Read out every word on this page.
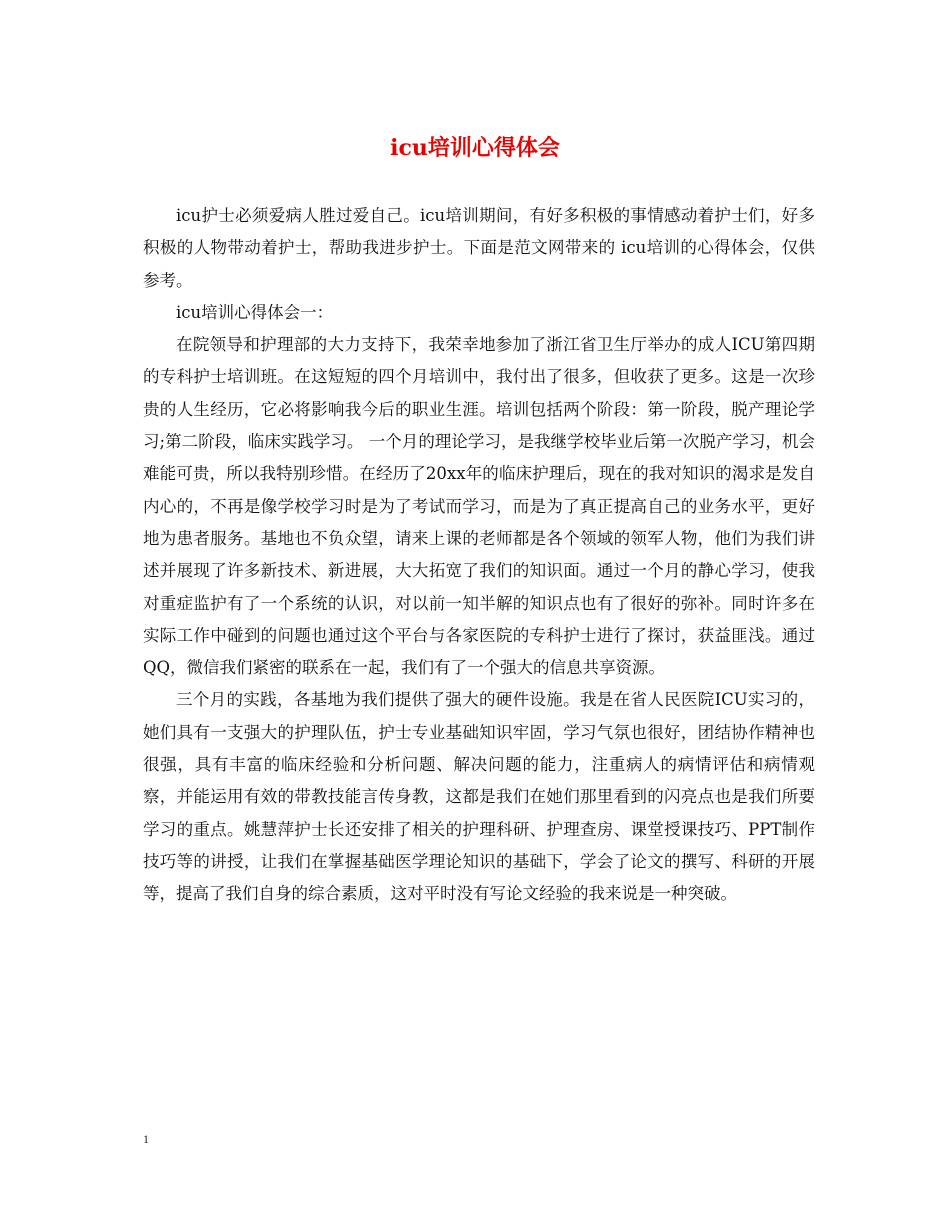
icu培训心得体会

icu护士必须爱病人胜过爱自己。icu培训期间，有好多积极的事情感动着护士们，好多积极的人物带动着护士，帮助我进步护士。下面是范文网带来的 icu培训的心得体会，仅供参考。

icu培训心得体会一：

在院领导和护理部的大力支持下，我荣幸地参加了浙江省卫生厅举办的成人ICU第四期的专科护士培训班。在这短短的四个月培训中，我付出了很多，但收获了更多。这是一次珍贵的人生经历，它必将影响我今后的职业生涯。培训包括两个阶段：第一阶段，脱产理论学习;第二阶段，临床实践学习。 一个月的理论学习，是我继学校毕业后第一次脱产学习，机会难能可贵，所以我特别珍惜。在经历了20xx年的临床护理后，现在的我对知识的渴求是发自内心的，不再是像学校学习时是为了考试而学习，而是为了真正提高自己的业务水平，更好地为患者服务。基地也不负众望，请来上课的老师都是各个领域的领军人物，他们为我们讲述并展现了许多新技术、新进展，大大拓宽了我们的知识面。通过一个月的静心学习，使我对重症监护有了一个系统的认识，对以前一知半解的知识点也有了很好的弥补。同时许多在实际工作中碰到的问题也通过这个平台与各家医院的专科护士进行了探讨，获益匪浅。通过QQ，微信我们紧密的联系在一起，我们有了一个强大的信息共享资源。

三个月的实践，各基地为我们提供了强大的硬件设施。我是在省人民医院ICU实习的，她们具有一支强大的护理队伍，护士专业基础知识牢固，学习气氛也很好，团结协作精神也很强，具有丰富的临床经验和分析问题、解决问题的能力，注重病人的病情评估和病情观察，并能运用有效的带教技能言传身教，这都是我们在她们那里看到的闪亮点也是我们所要学习的重点。姚慧萍护士长还安排了相关的护理科研、护理查房、课堂授课技巧、PPT制作技巧等的讲授，让我们在掌握基础医学理论知识的基础下，学会了论文的撰写、科研的开展等，提高了我们自身的综合素质，这对平时没有写论文经验的我来说是一种突破。

1
